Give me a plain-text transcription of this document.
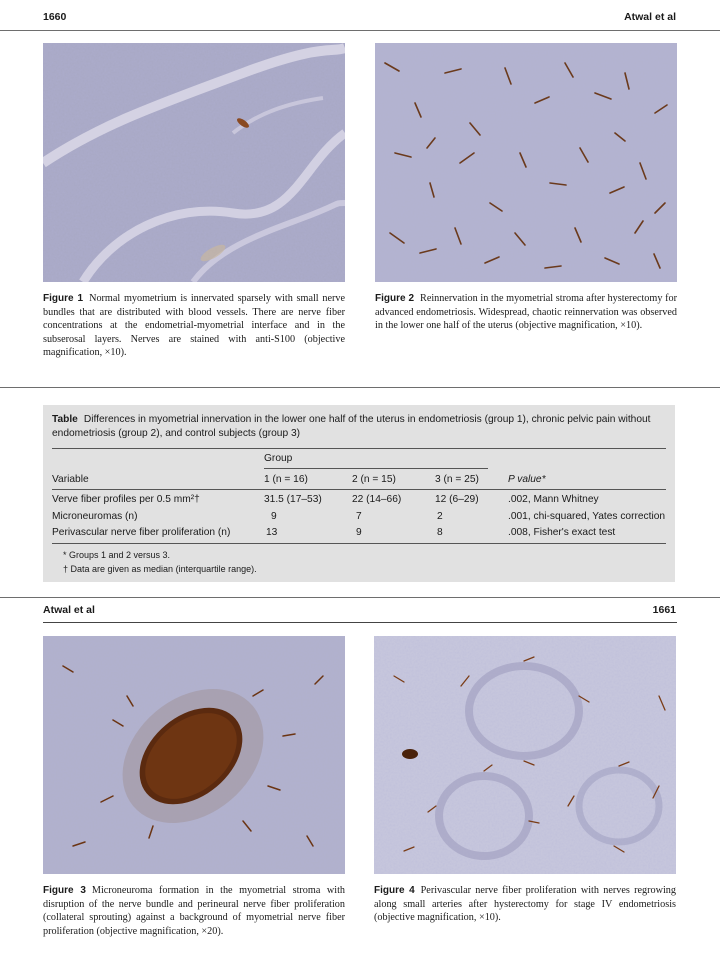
1660	Atwal et al
Figure 1 Normal myometrium is innervated sparsely with small nerve bundles that are distributed with blood vessels. There are nerve fiber concentrations at the endometrial-myometrial interface and in the subserosal layers. Nerves are stained with anti-S100 (objective magnification, ×10).
Figure 2 Reinnervation in the myometrial stroma after hysterectomy for advanced endometriosis. Widespread, chaotic reinnervation was observed in the lower one half of the uterus (objective magnification, ×10).
Table Differences in myometrial innervation in the lower one half of the uterus in endometriosis (group 1), chronic pelvic pain without endometriosis (group 2), and control subjects (group 3)
Group
Variable	1 (n = 16)	2 (n = 15)	3 (n = 25)	P value*
Verve fiber profiles per 0.5 mm²†	31.5 (17–53)	22 (14–66)	12 (6–29)	.002, Mann Whitney
Microneuromas (n)	9	7	2	.001, chi-squared, Yates correction
Perivascular nerve fiber proliferation (n)	13	9	8	.008, Fisher's exact test
* Groups 1 and 2 versus 3.
† Data are given as median (interquartile range).
Atwal et al	1661
Figure 3 Microneuroma formation in the myometrial stroma with disruption of the nerve bundle and perineural nerve fiber proliferation (collateral sprouting) against a background of myometrial nerve fiber proliferation (objective magnification, ×20).
Figure 4 Perivascular nerve fiber proliferation with nerves regrowing along small arteries after hysterectomy for stage IV endometriosis (objective magnification, ×10).
